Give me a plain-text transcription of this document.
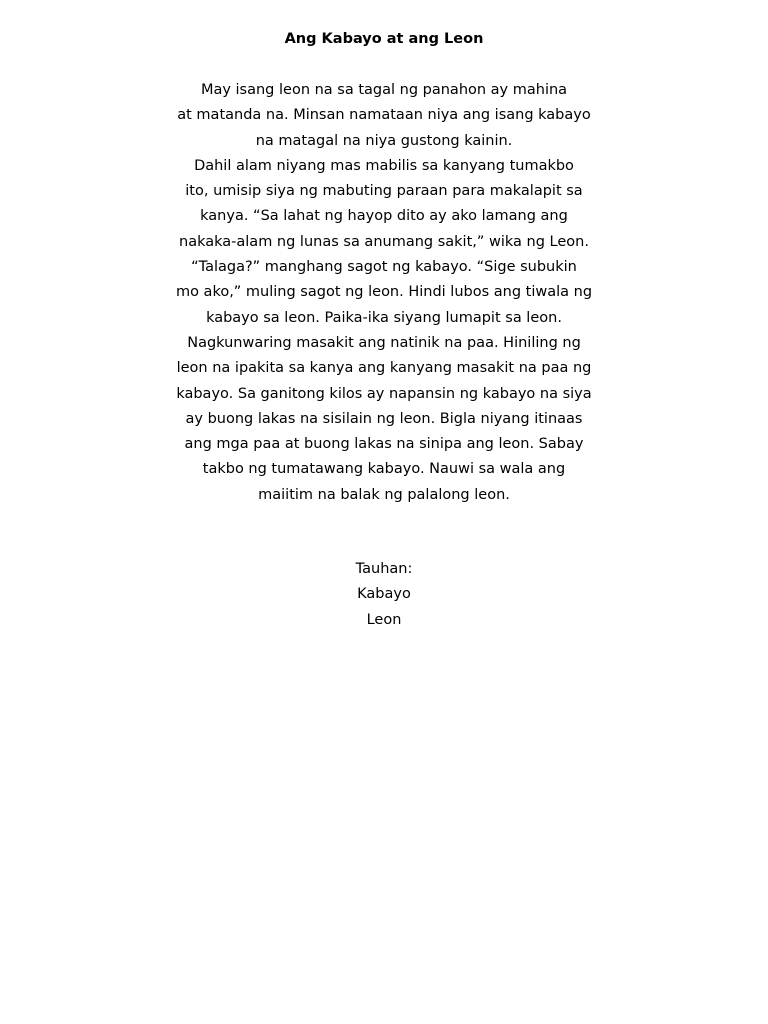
Ang Kabayo at ang Leon
May isang leon na sa tagal ng panahon ay mahina
at matanda na. Minsan namataan niya ang isang kabayo
na matagal na niya gustong kainin.
Dahil alam niyang mas mabilis sa kanyang tumakbo
ito, umisip siya ng mabuting paraan para makalapit sa
kanya. “Sa lahat ng hayop dito ay ako lamang ang
nakaka-alam ng lunas sa anumang sakit,” wika ng Leon.
“Talaga?” manghang sagot ng kabayo. “Sige subukin
mo ako,” muling sagot ng leon. Hindi lubos ang tiwala ng
kabayo sa leon. Paika-ika siyang lumapit sa leon.
Nagkunwaring masakit ang natinik na paa. Hiniling ng
leon na ipakita sa kanya ang kanyang masakit na paa ng
kabayo. Sa ganitong kilos ay napansin ng kabayo na siya
ay buong lakas na sisilain ng leon. Bigla niyang itinaas
ang mga paa at buong lakas na sinipa ang leon. Sabay
takbo ng tumatawang kabayo. Nauwi sa wala ang
maiitim na balak ng palalong leon.
Tauhan:
Kabayo
Leon
